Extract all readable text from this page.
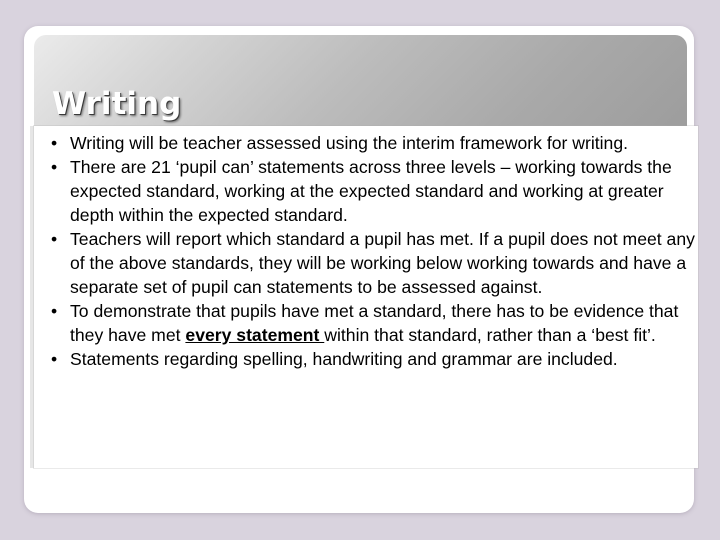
Writing
• Writing will be teacher assessed using the interim framework for writing.
• There are 21 ‘pupil can’ statements across three levels – working towards the expected standard, working at the expected standard and working at greater depth within the expected standard.
• Teachers will report which standard a pupil has met. If a pupil does not meet any of the above standards, they will be working below working towards and have a separate set of pupil can statements to be assessed against.
• To demonstrate that pupils have met a standard, there has to be evidence that they have met every statement within that standard, rather than a ‘best fit’.
• Statements regarding spelling, handwriting and grammar are included.
